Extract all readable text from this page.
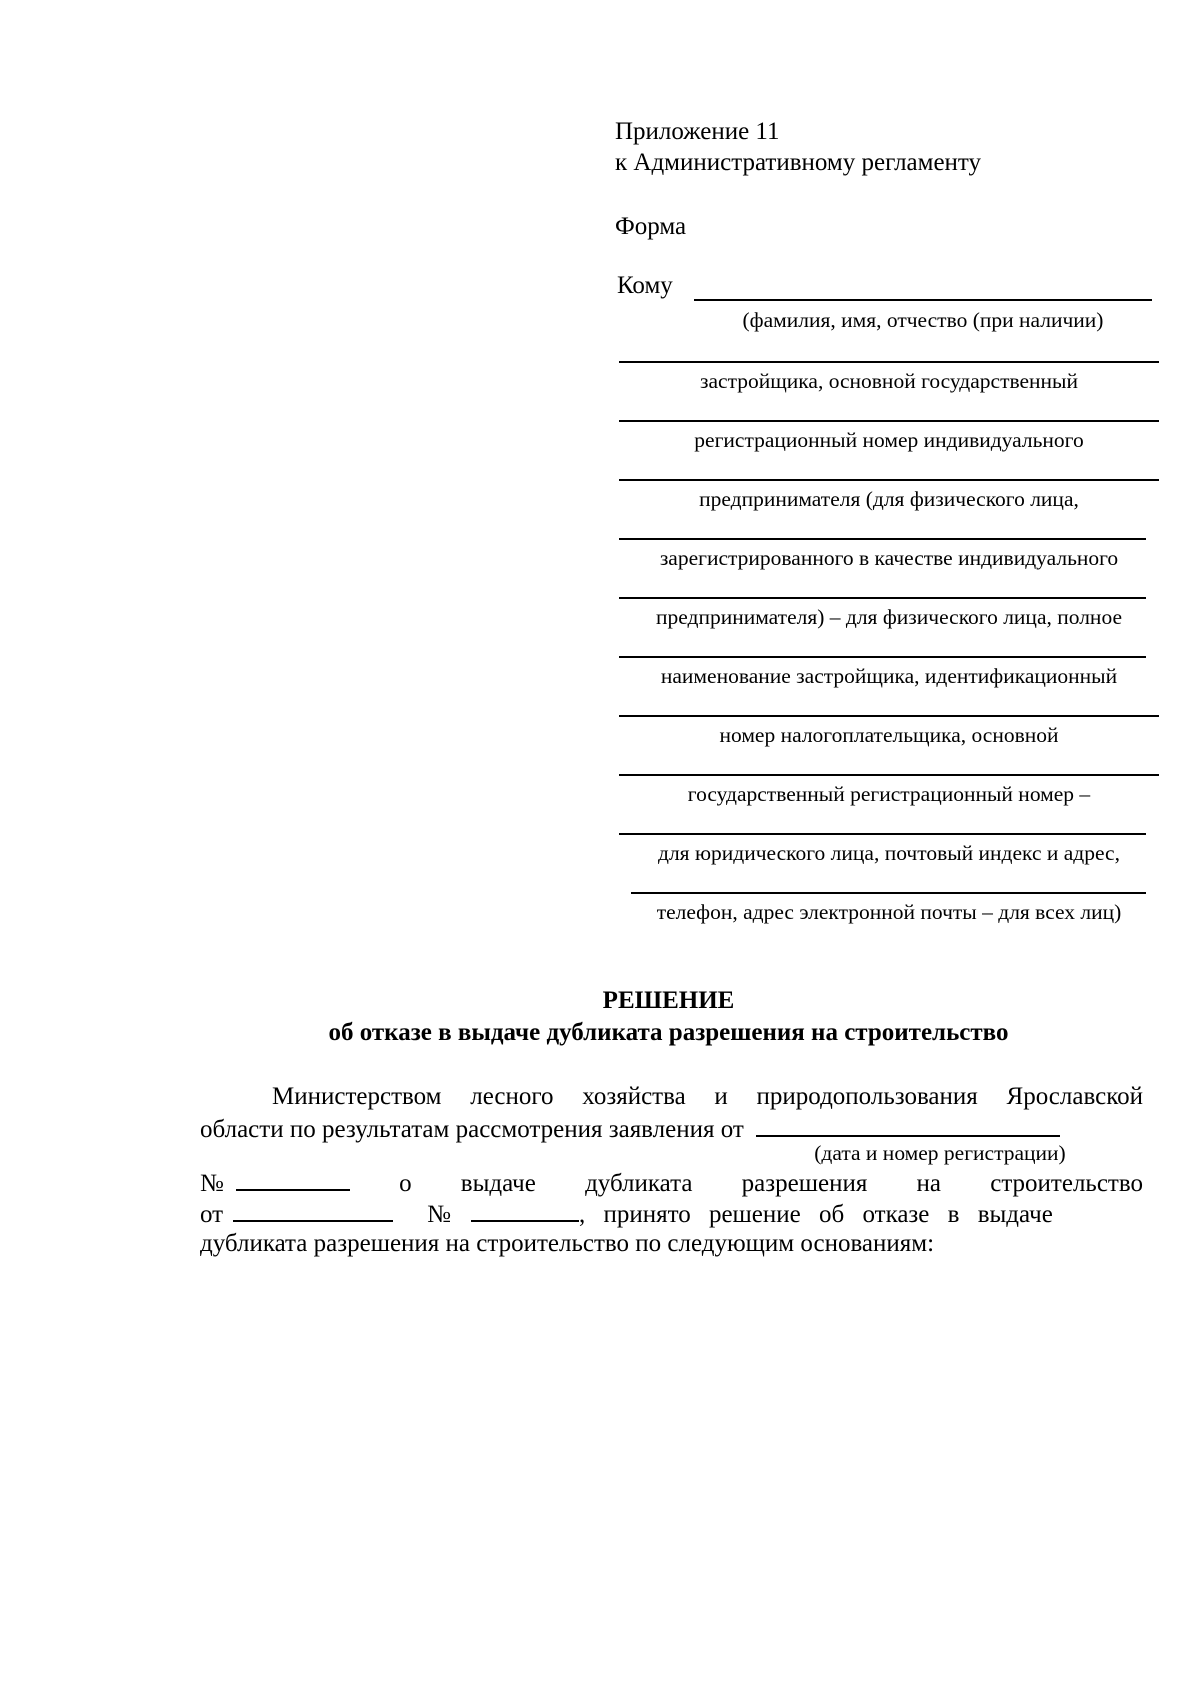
Приложение 11
к Административному регламенту
Форма
Кому
(фамилия, имя, отчество (при наличии)
застройщика, основной государственный
регистрационный номер индивидуального
предпринимателя (для физического лица,
зарегистрированного в качестве индивидуального
предпринимателя) – для физического лица, полное
наименование застройщика, идентификационный
номер налогоплательщика, основной
государственный регистрационный номер –
для юридического лица, почтовый индекс и адрес,
телефон, адрес электронной почты – для всех лиц)
РЕШЕНИЕ
об отказе в выдаче дубликата разрешения на строительство
Министерством лесного хозяйства и природопользования Ярославской
области по результатам рассмотрения заявления от
(дата и номер регистрации)
№	о выдаче дубликата разрешения на строительство
от	№	, принято решение об отказе в выдаче
дубликата разрешения на строительство по следующим основаниям:
